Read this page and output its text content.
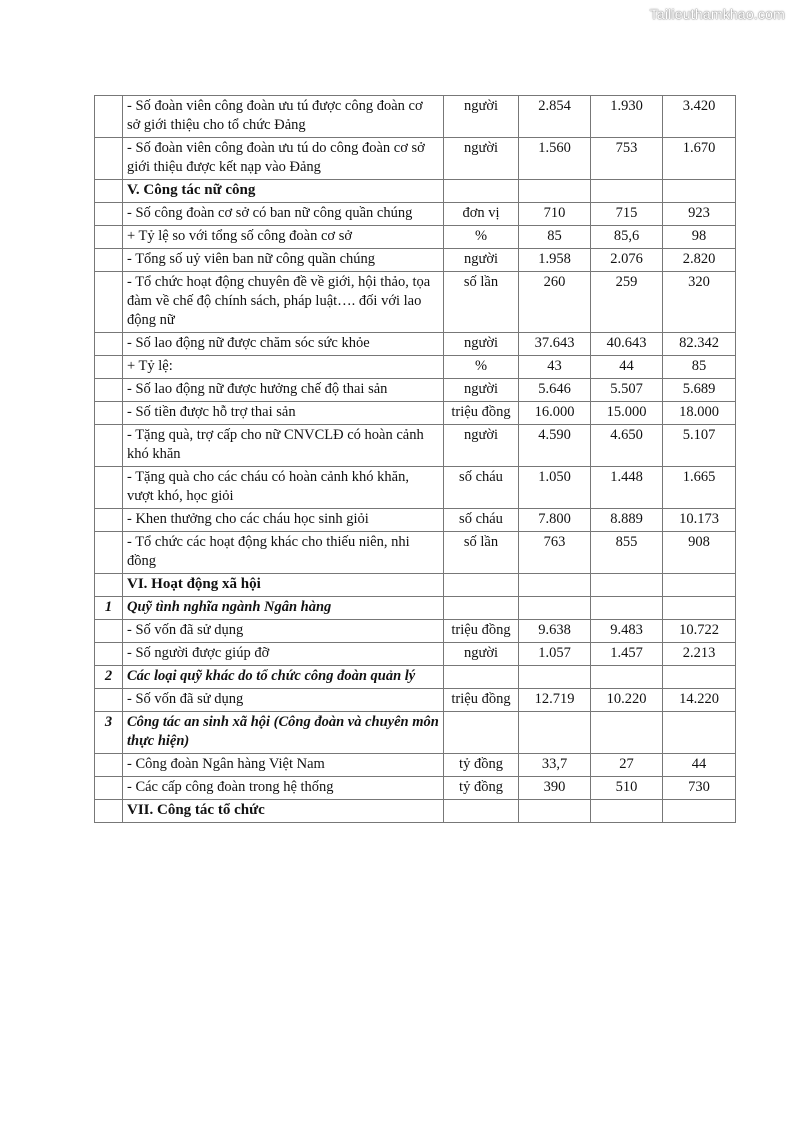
Tailieuthamkhao.com
	- Số đoàn viên công đoàn ưu tú được công đoàn cơ sở giới thiệu cho tổ chức Đảng	người	2.854	1.930	3.420
	- Số đoàn viên công đoàn ưu tú do công đoàn cơ sở giới thiệu được kết nạp vào Đảng	người	1.560	753	1.670
	V. Công tác nữ công				
	- Số công đoàn cơ sở có ban nữ công quần chúng	đơn vị	710	715	923
	+ Tỷ lệ so với tổng số công đoàn cơ sở	%	85	85,6	98
	- Tổng số uỷ viên ban nữ công quần chúng	người	1.958	2.076	2.820
	- Tổ chức hoạt động chuyên đề về giới, hội thảo, tọa đàm về chế độ chính sách, pháp luật…. đối với lao động nữ	số lần	260	259	320
	- Số lao động nữ được chăm sóc sức khỏe	người	37.643	40.643	82.342
	+ Tỷ lệ:	%	43	44	85
	- Số lao động nữ được hưởng chế độ thai sản	người	5.646	5.507	5.689
	- Số tiền được hỗ trợ thai sản	triệu đồng	16.000	15.000	18.000
	- Tặng quà, trợ cấp cho nữ CNVCLĐ có hoàn cảnh khó khăn	người	4.590	4.650	5.107
	- Tặng quà cho các cháu có hoàn cảnh khó khăn, vượt khó, học giỏi	số cháu	1.050	1.448	1.665
	- Khen thưởng cho các cháu học sinh giỏi	số cháu	7.800	8.889	10.173
	- Tổ chức các hoạt động khác cho thiếu niên, nhi đồng	số lần	763	855	908
	VI. Hoạt động xã hội				
1	Quỹ tình nghĩa ngành Ngân hàng				
	- Số vốn đã sử dụng	triệu đồng	9.638	9.483	10.722
	- Số người được giúp đỡ	người	1.057	1.457	2.213
2	Các loại quỹ khác do tổ chức công đoàn quản lý				
	- Số vốn đã sử dụng	triệu đồng	12.719	10.220	14.220
3	Công tác an sinh xã hội (Công đoàn và chuyên môn thực hiện)				
	- Công đoàn Ngân hàng Việt Nam	tỷ đồng	33,7	27	44
	- Các cấp công đoàn trong hệ thống	tỷ đồng	390	510	730
	VII. Công tác tổ chức				
